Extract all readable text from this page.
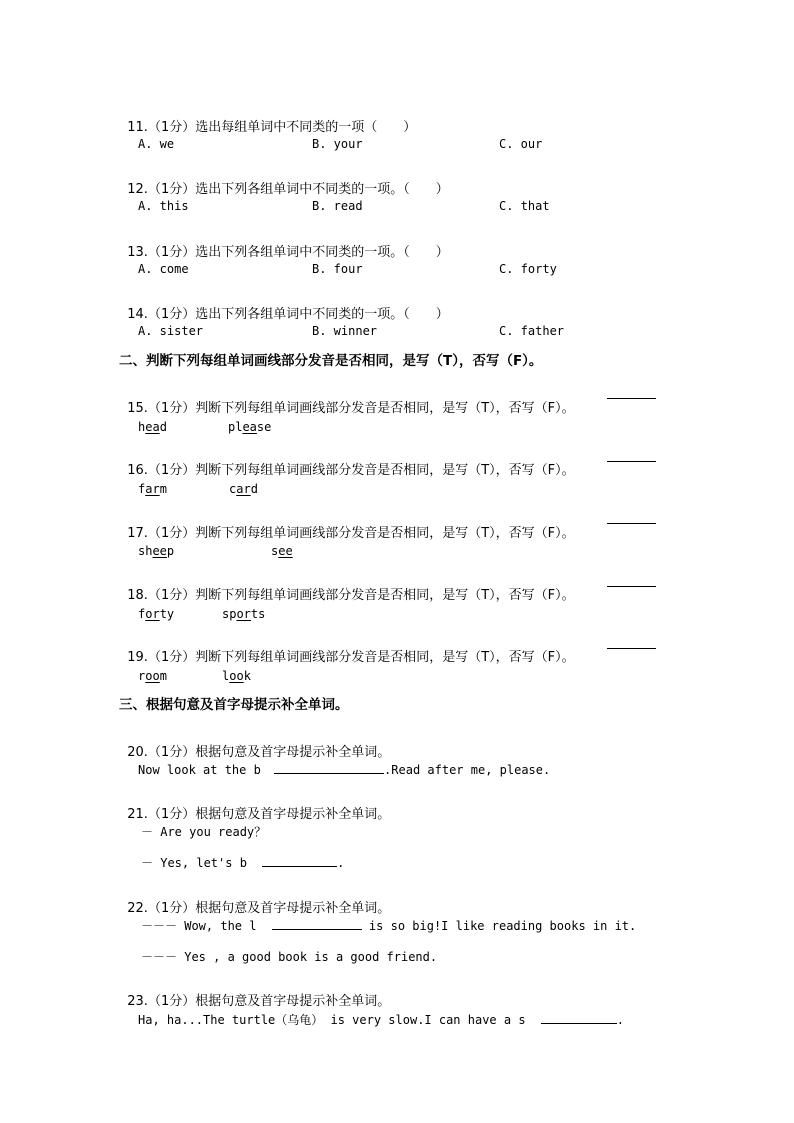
11.（1分）选出每组单词中不同类的一项（　　）

A. we	B. your	C. our

12.（1分）选出下列各组单词中不同类的一项。（　　）

A. this	B. read	C. that

13.（1分）选出下列各组单词中不同类的一项。（　　）

A. come	B. four	C. forty

14.（1分）选出下列各组单词中不同类的一项。（　　）

A. sister	B. winner	C. father
二、判断下列每组单词画线部分发音是否相同，是写（T），否写（F）。

15.（1分）判断下列每组单词画线部分发音是否相同，是写（T），否写（F）。

head	please

16.（1分）判断下列每组单词画线部分发音是否相同，是写（T），否写（F）。

farm	card

17.（1分）判断下列每组单词画线部分发音是否相同，是写（T），否写（F）。

sheep	see

18.（1分）判断下列每组单词画线部分发音是否相同，是写（T），否写（F）。

forty	sports

19.（1分）判断下列每组单词画线部分发音是否相同，是写（T），否写（F）。

room	look
三、根据句意及首字母提示补全单词。

20.（1分）根据句意及首字母提示补全单词。

Now look at the b	.Read after me, please.

21.（1分）根据句意及首字母提示补全单词。

－ Are you ready？
－ Yes, let's b	.

22.（1分）根据句意及首字母提示补全单词。

－－－ Wow, the l	is so big!I like reading books in it.
－－－ Yes , a good book is a good friend.

23.（1分）根据句意及首字母提示补全单词。

Ha, ha...The turtle（乌龟） is very slow.I can have a s	.
